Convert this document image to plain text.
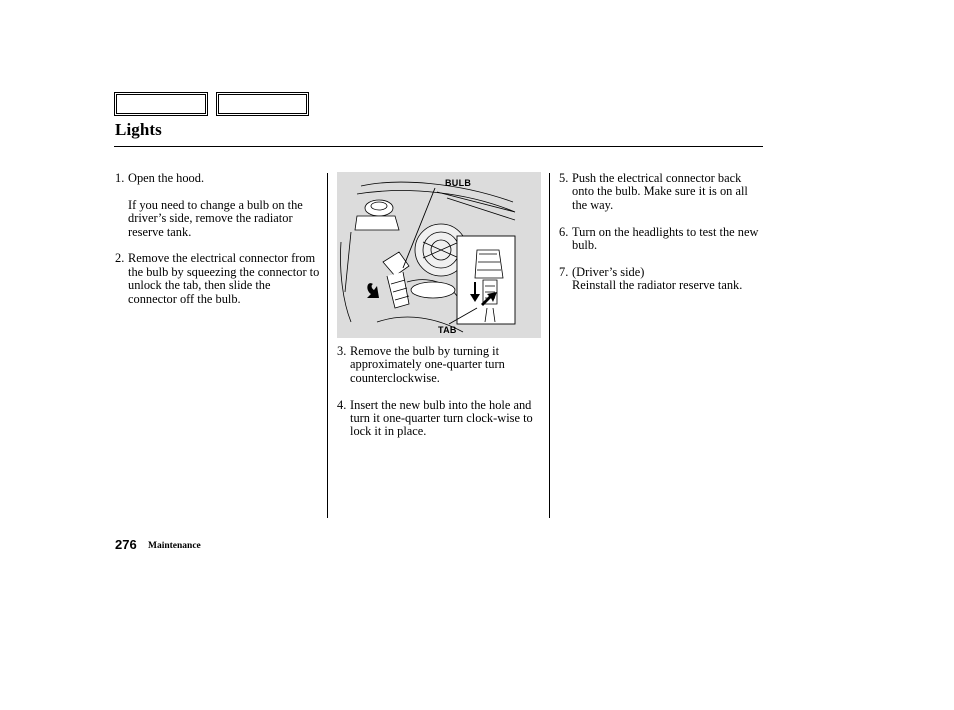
Lights
1. Open the hood.
If you need to change a bulb on the driver’s side, remove the radiator reserve tank.
2. Remove the electrical connector from the bulb by squeezing the connector to unlock the tab, then slide the connector off the bulb.
BULB
TAB
3. Remove the bulb by turning it approximately one-quarter turn counterclockwise.
4. Insert the new bulb into the hole and turn it one-quarter turn clock-wise to lock it in place.
5. Push the electrical connector back onto the bulb. Make sure it is on all the way.
6. Turn on the headlights to test the new bulb.
7. (Driver’s side)
Reinstall the radiator reserve tank.
276 Maintenance
